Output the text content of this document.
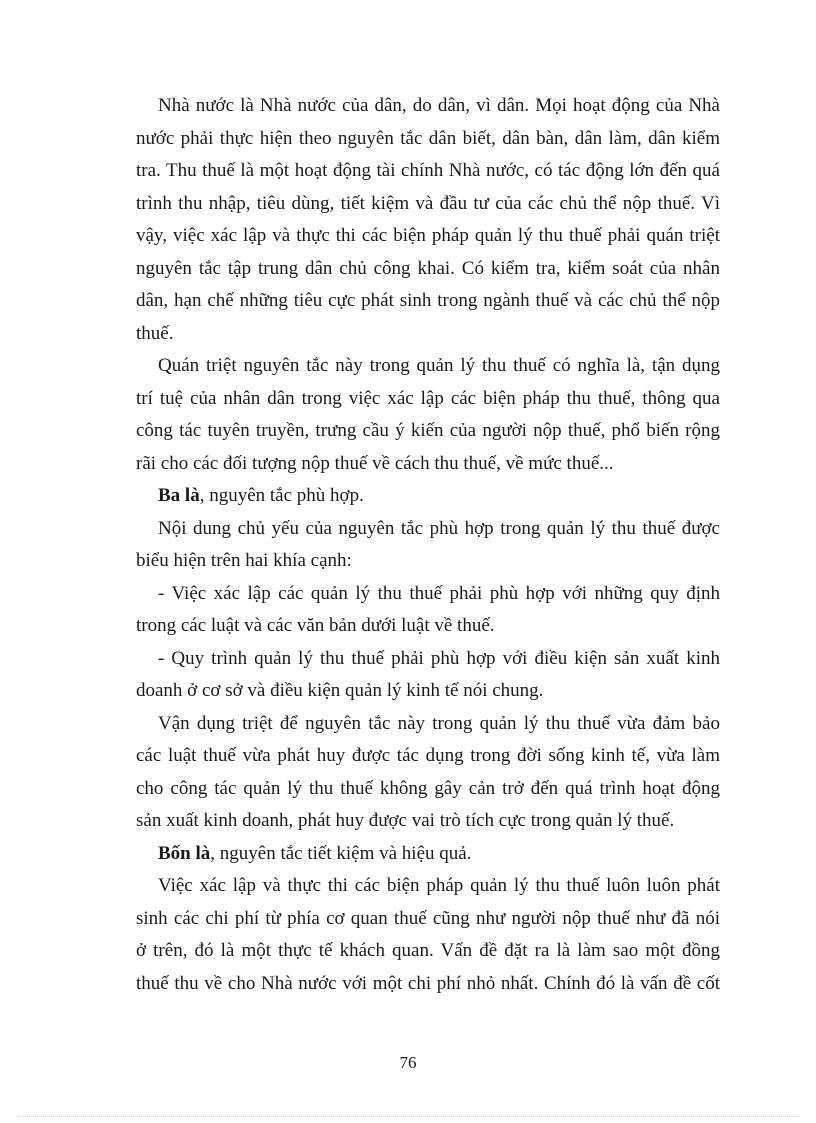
Nhà nước là Nhà nước của dân, do dân, vì dân. Mọi hoạt động của Nhà
nước phải thực hiện theo nguyên tắc dân biết, dân bàn, dân làm, dân kiểm
tra. Thu thuế là một hoạt động tài chính Nhà nước, có tác động lớn đến quá
trình thu nhập, tiêu dùng, tiết kiệm và đầu tư của các chủ thể nộp thuế. Vì
vậy, việc xác lập và thực thi các biện pháp quản lý thu thuế phải quán triệt
nguyên tắc tập trung dân chủ công khai. Có kiểm tra, kiểm soát của nhân
dân, hạn chế những tiêu cực phát sinh trong ngành thuế và các chủ thể nộp
thuế.
Quán triệt nguyên tắc này trong quản lý thu thuế có nghĩa là, tận dụng
trí tuệ của nhân dân trong việc xác lập các biện pháp thu thuế, thông qua
công tác tuyên truyền, trưng cầu ý kiến của người nộp thuế, phổ biến rộng
rãi cho các đối tượng nộp thuế về cách thu thuế, về mức thuế...
Ba là, nguyên tắc phù hợp.
Nội dung chủ yếu của nguyên tắc phù hợp trong quản lý thu thuế được
biểu hiện trên hai khía cạnh:
- Việc xác lập các quản lý thu thuế phải phù hợp với những quy định
trong các luật và các văn bản dưới luật về thuế.
- Quy trình quản lý thu thuế phải phù hợp với điều kiện sản xuất kinh
doanh ở cơ sở và điều kiện quản lý kinh tế nói chung.
Vận dụng triệt để nguyên tắc này trong quản lý thu thuế vừa đảm bảo
các luật thuế vừa phát huy được tác dụng trong đời sống kinh tế, vừa làm
cho công tác quản lý thu thuế không gây cản trở đến quá trình hoạt động
sản xuất kinh doanh, phát huy được vai trò tích cực trong quản lý thuế.
Bốn là, nguyên tắc tiết kiệm và hiệu quả.
Việc xác lập và thực thi các biện pháp quản lý thu thuế luôn luôn phát
sinh các chi phí từ phía cơ quan thuế cũng như người nộp thuế như đã nói
ở trên, đó là một thực tế khách quan. Vấn đề đặt ra là làm sao một đồng
thuế thu về cho Nhà nước với một chi phí nhỏ nhất. Chính đó là vấn đề cốt
76
